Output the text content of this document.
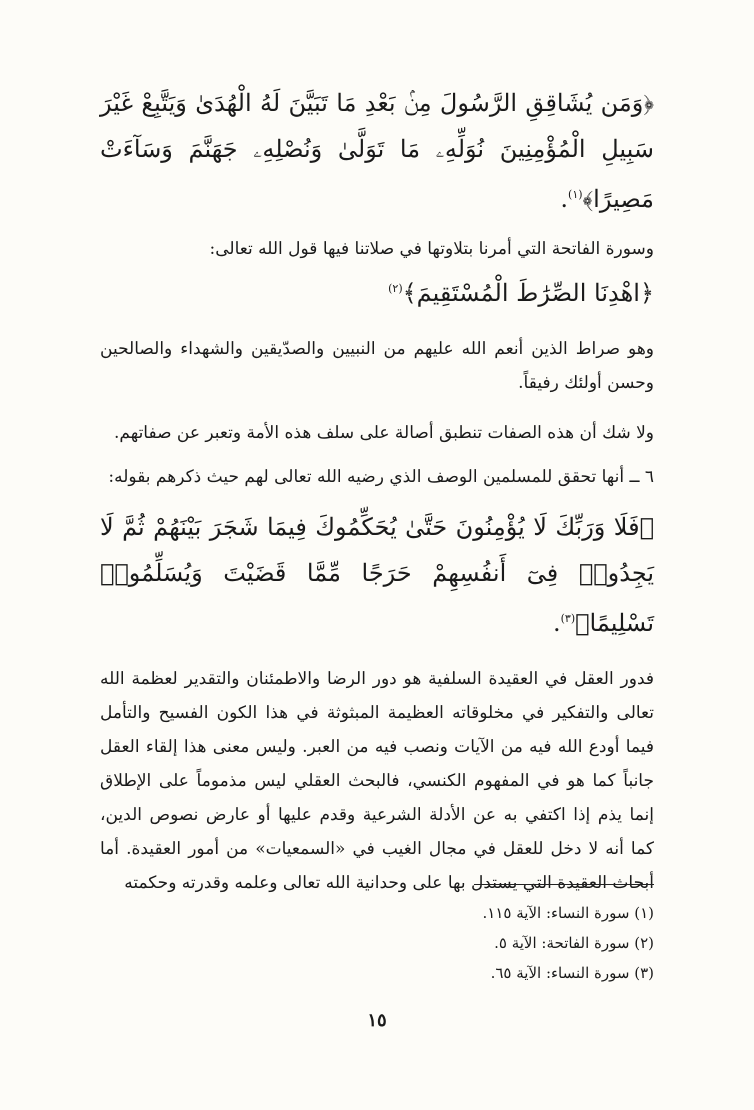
﴿وَمَن يُشَاقِقِ الرَّسُولَ مِنۢ بَعْدِ مَا تَبَيَّنَ لَهُ الْهُدَىٰ وَيَتَّبِعْ غَيْرَ سَبِيلِ الْمُؤْمِنِينَ نُوَلِّهِۦ مَا تَوَلَّىٰ وَنُصْلِهِۦ جَهَنَّمَ وَسَآءَتْ مَصِيرًا﴾$^{(١)}$.

وسورة الفاتحة التي أمرنا بتلاوتها في صلاتنا فيها قول الله تعالى:

﴿اهْدِنَا الصِّرَٰطَ الْمُسْتَقِيمَ﴾$^{(٢)}$

وهو صراط الذين أنعم الله عليهم من النبيين والصدّيقين والشهداء والصالحين وحسن أولئك رفيقاً.

ولا شك أن هذه الصفات تنطبق أصالة على سلف هذه الأمة وتعبر عن صفاتهم.

٦ ــ أنها تحقق للمسلمين الوصف الذي رضيه الله تعالى لهم حيث ذكرهم بقوله:

﴿فَلَا وَرَبِّكَ لَا يُؤْمِنُونَ حَتَّىٰ يُحَكِّمُوكَ فِيمَا شَجَرَ بَيْنَهُمْ ثُمَّ لَا يَجِدُوا۟ فِىٓ أَنفُسِهِمْ حَرَجًا مِّمَّا قَضَيْتَ وَيُسَلِّمُوا۟ تَسْلِيمًا﴾$^{(٣)}$.

فدور العقل في العقيدة السلفية هو دور الرضا والاطمئنان والتقدير لعظمة الله تعالى والتفكير في مخلوقاته العظيمة المبثوثة في هذا الكون الفسيح والتأمل فيما أودع الله فيه من الآيات ونصب فيه من العبر. وليس معنى هذا إلقاء العقل جانباً كما هو في المفهوم الكنسي، فالبحث العقلي ليس مذموماً على الإطلاق إنما يذم إذا اكتفي به عن الأدلة الشرعية وقدم عليها أو عارض نصوص الدين، كما أنه لا دخل للعقل في مجال الغيب في «السمعيات» من أمور العقيدة. أما أبحاث العقيدة التي يستدل بها على وحدانية الله تعالى وعلمه وقدرته وحكمته

(١) سورة النساء: الآية ١١٥.
(٢) سورة الفاتحة: الآية ٥.
(٣) سورة النساء: الآية ٦٥.
١٥
